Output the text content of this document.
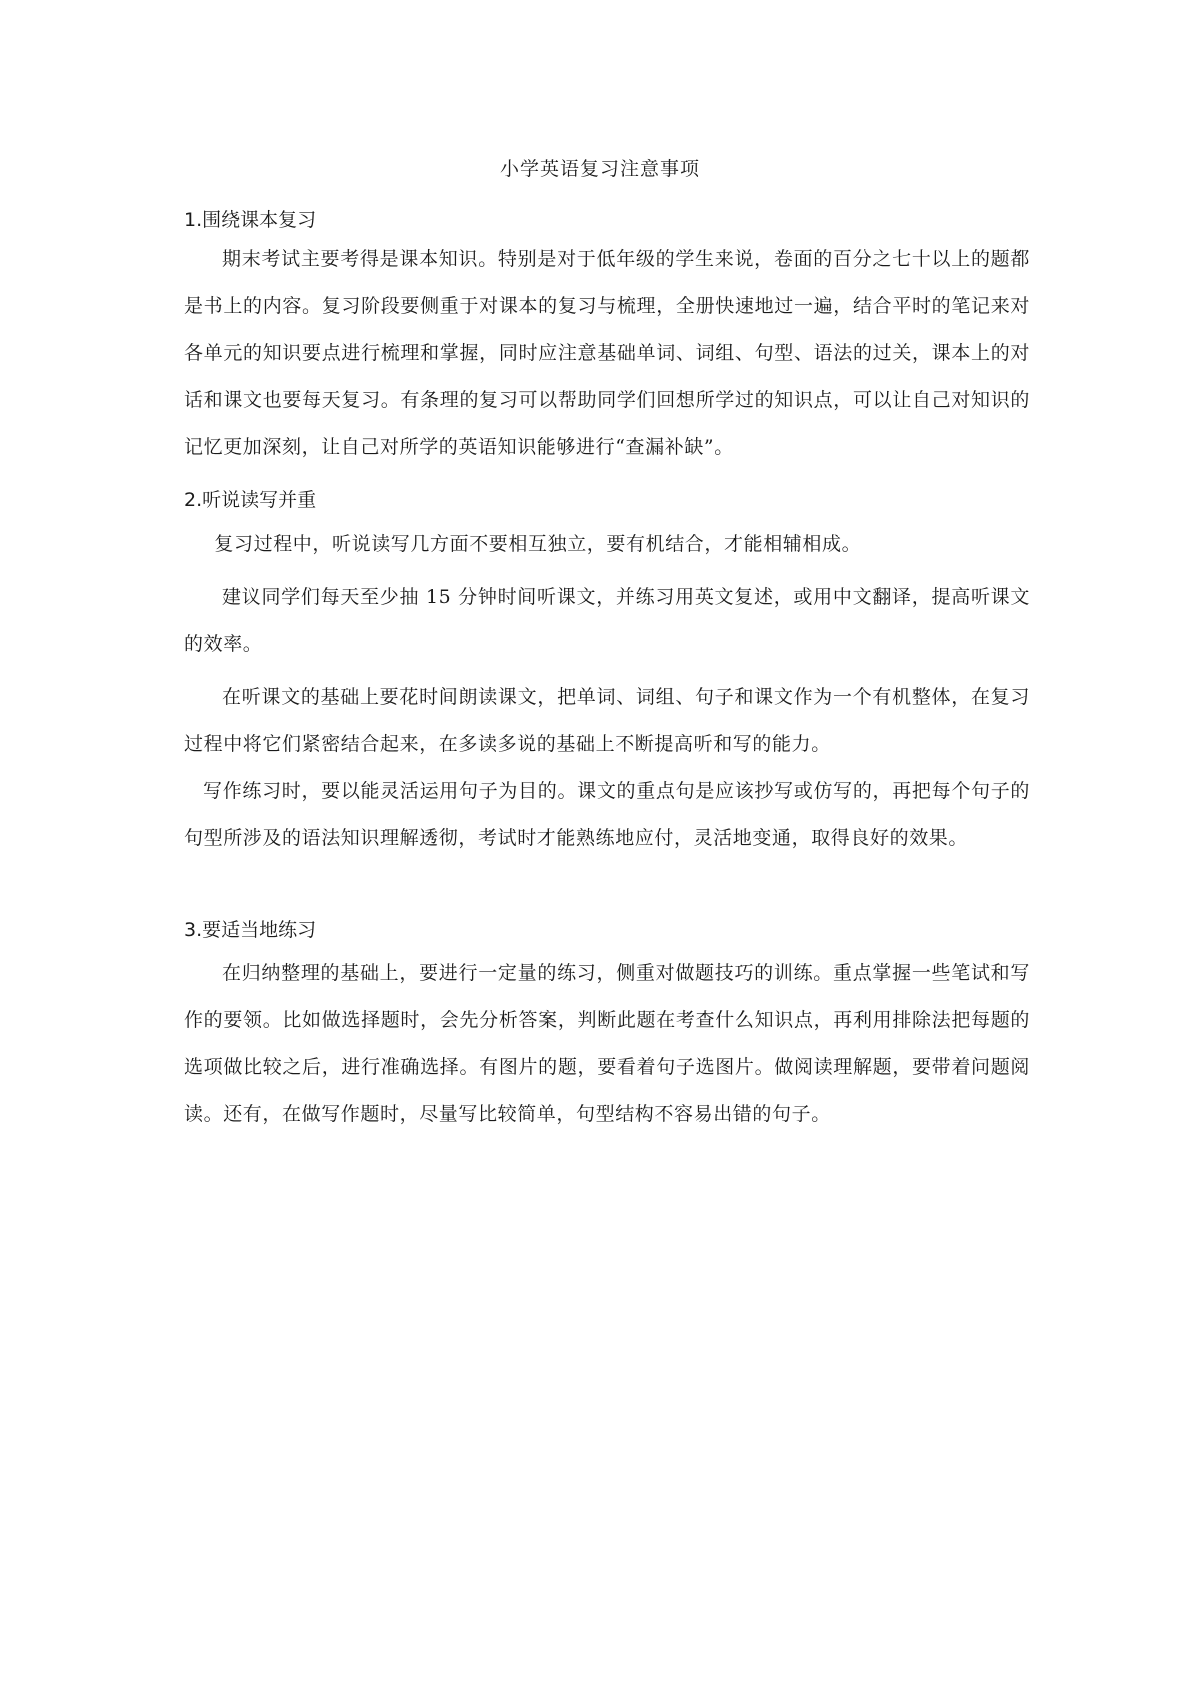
小学英语复习注意事项
1.围绕课本复习
期末考试主要考得是课本知识。特别是对于低年级的学生来说，卷面的百分之七十以上的题都是书上的内容。复习阶段要侧重于对课本的复习与梳理，全册快速地过一遍，结合平时的笔记来对各单元的知识要点进行梳理和掌握，同时应注意基础单词、词组、句型、语法的过关，课本上的对话和课文也要每天复习。有条理的复习可以帮助同学们回想所学过的知识点，可以让自己对知识的记忆更加深刻，让自己对所学的英语知识能够进行“查漏补缺”。
2.听说读写并重
复习过程中，听说读写几方面不要相互独立，要有机结合，才能相辅相成。
建议同学们每天至少抽 15 分钟时间听课文，并练习用英文复述，或用中文翻译，提高听课文的效率。
在听课文的基础上要花时间朗读课文，把单词、词组、句子和课文作为一个有机整体，在复习过程中将它们紧密结合起来，在多读多说的基础上不断提高听和写的能力。
写作练习时，要以能灵活运用句子为目的。课文的重点句是应该抄写或仿写的，再把每个句子的句型所涉及的语法知识理解透彻，考试时才能熟练地应付，灵活地变通，取得良好的效果。
3.要适当地练习
在归纳整理的基础上，要进行一定量的练习，侧重对做题技巧的训练。重点掌握一些笔试和写作的要领。比如做选择题时，会先分析答案，判断此题在考查什么知识点，再利用排除法把每题的选项做比较之后，进行准确选择。有图片的题，要看着句子选图片。做阅读理解题，要带着问题阅读。还有，在做写作题时，尽量写比较简单，句型结构不容易出错的句子。
